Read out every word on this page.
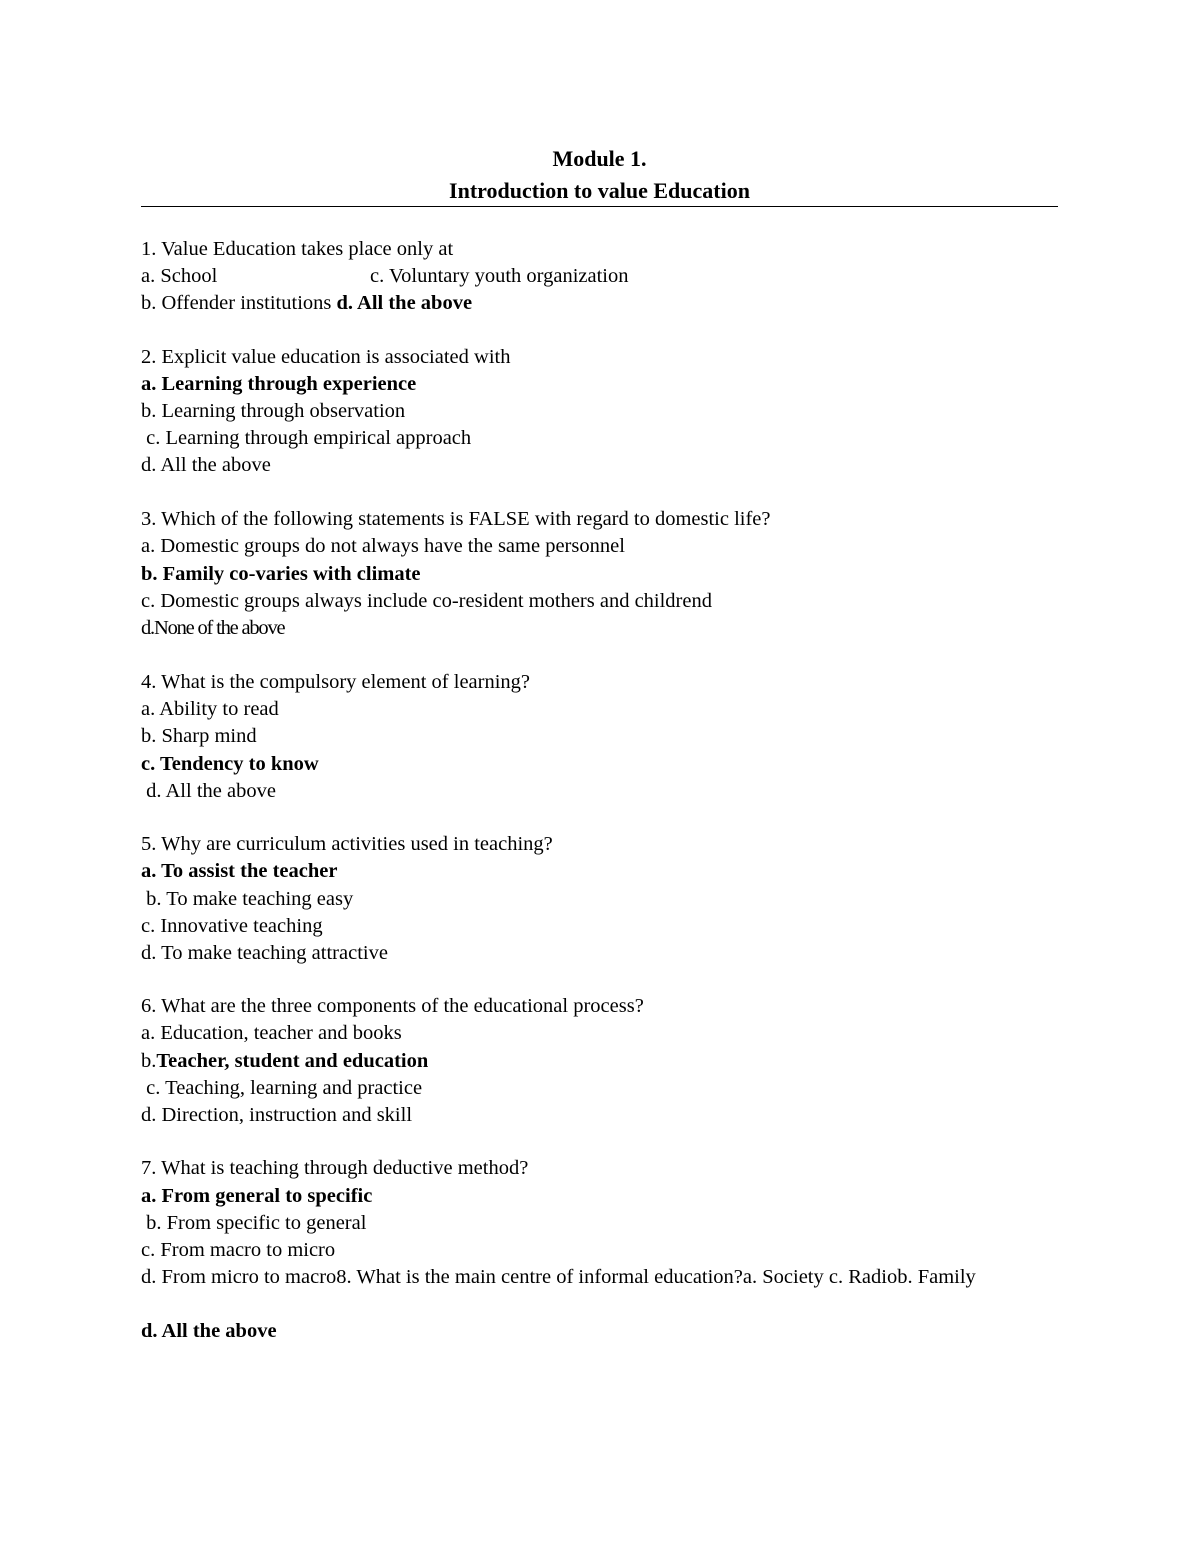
Module 1.
Introduction to value Education
1. Value Education takes place only at
a. School	c. Voluntary youth organization
b. Offender institutions d. All the above
2. Explicit value education is associated with
a. Learning through experience
b. Learning through observation
c. Learning through empirical approach
d. All the above
3. Which of the following statements is FALSE with regard to domestic life?
a. Domestic groups do not always have the same personnel
b. Family co-varies with climate
c. Domestic groups always include co-resident mothers and childrend
d.None of the above
4. What is the compulsory element of learning?
a. Ability to read
b. Sharp mind
c. Tendency to know
d. All the above
5. Why are curriculum activities used in teaching?
a. To assist the teacher
b. To make teaching easy
c. Innovative teaching
d. To make teaching attractive
6. What are the three components of the educational process?
a. Education, teacher and books
b.Teacher, student and education
c. Teaching, learning and practice
d. Direction, instruction and skill
7. What is teaching through deductive method?
a. From general to specific
b. From specific to general
c. From macro to micro
d. From micro to macro8. What is the main centre of informal education?a. Society c. Radiob. Family
d. All the above
